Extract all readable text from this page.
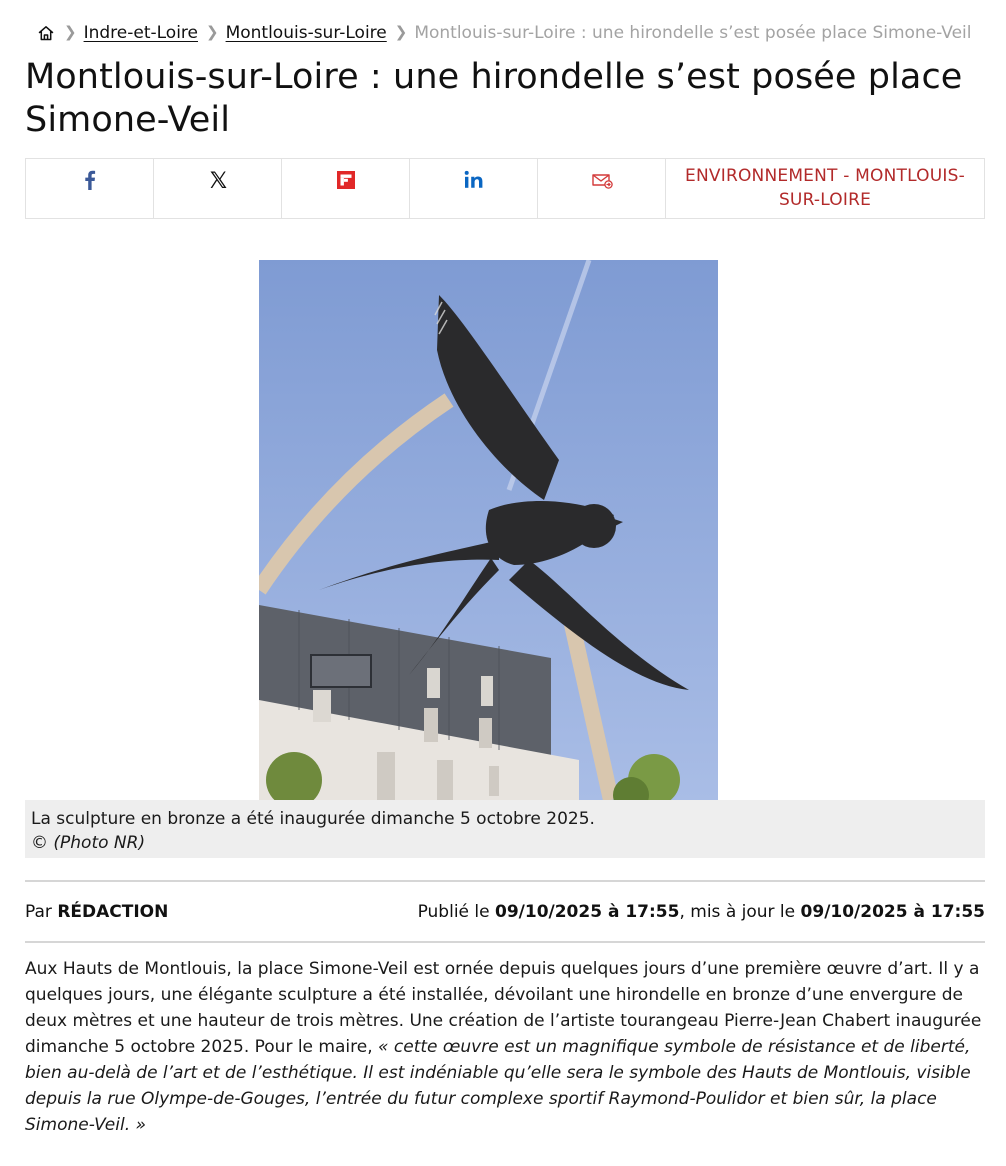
❯ Indre-et-Loire ❯ Montlouis-sur-Loire ❯ Montlouis-sur-Loire : une hirondelle s’est posée place Simone-Veil
Montlouis-sur-Loire : une hirondelle s’est posée place Simone-Veil
ENVIRONNEMENT - MONTLOUIS-SUR-LOIRE
La sculpture en bronze a été inaugurée dimanche 5 octobre 2025.
© (Photo NR)
Par RÉDACTION	Publié le 09/10/2025 à 17:55, mis à jour le 09/10/2025 à 17:55

Aux Hauts de Montlouis, la place Simone-Veil est ornée depuis quelques jours d’une première œuvre d’art. Il y a quelques jours, une élégante sculpture a été installée, dévoilant une hirondelle en bronze d’une envergure de deux mètres et une hauteur de trois mètres. Une création de l’artiste tourangeau Pierre-Jean Chabert inaugurée dimanche 5 octobre 2025. Pour le maire, « cette œuvre est un magnifique symbole de résistance et de liberté, bien au-delà de l’art et de l’esthétique. Il est indéniable qu’elle sera le symbole des Hauts de Montlouis, visible depuis la rue Olympe-de-Gouges, l’entrée du futur complexe sportif Raymond-Poulidor et bien sûr, la place Simone-Veil. »
